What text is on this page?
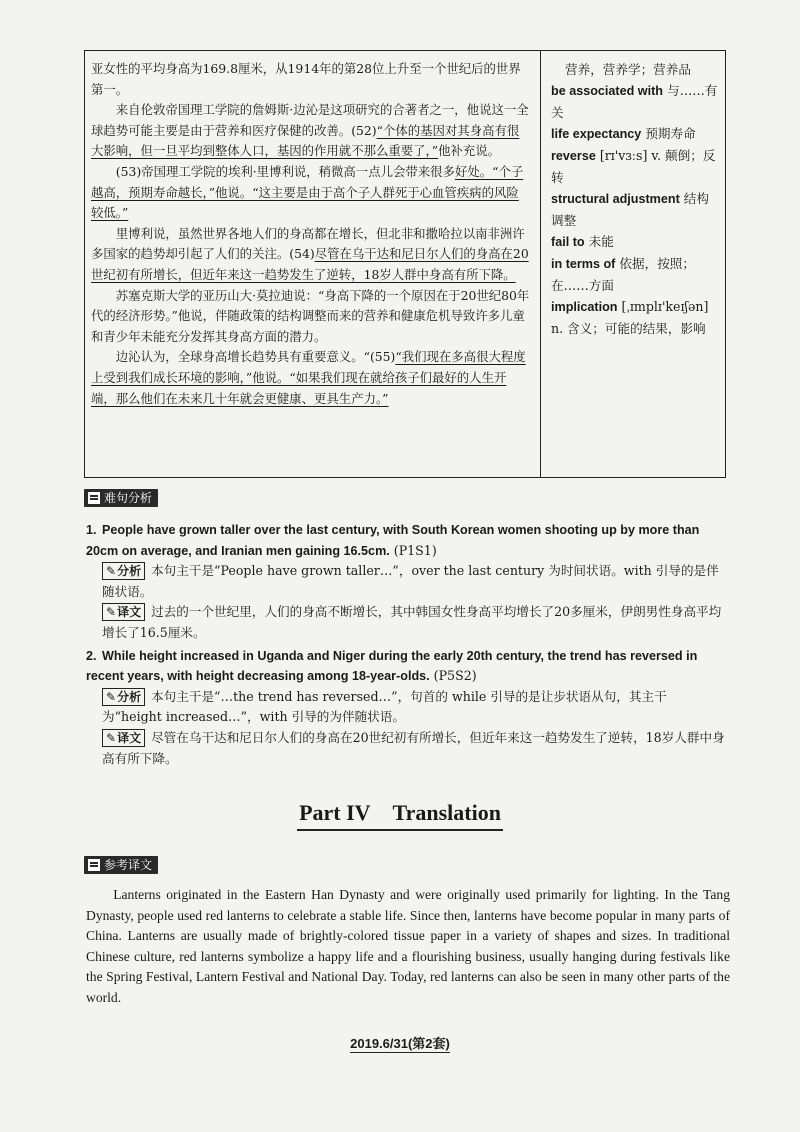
亚女性的平均身高为169.8厘米，从1914年的第28位上升至一个世纪后的世界第一。

来自伦敦帝国理工学院的詹姆斯·边沁是这项研究的合著者之一，他说这一全球趋势可能主要是由于营养和医疗保健的改善。(52)“个体的基因对其身高有很大影响，但一旦平均到整体人口，基因的作用就不那么重要了，”他补充说。

(53)帝国理工学院的埃利·里博利说，稍微高一点儿会带来很多好处。“个子越高，预期寿命越长，”他说。“这主要是由于高个子人群死于心血管疾病的风险较低。”

里博利说，虽然世界各地人们的身高都在增长，但北非和撒哈拉以南非洲许多国家的趋势却引起了人们的关注。(54)尽管在乌干达和尼日尔人们的身高在20世纪初有所增长，但近年来这一趋势发生了逆转，18岁人群中身高有所下降。

苏塞克斯大学的亚历山大·莫拉迪说：“身高下降的一个原因在于20世纪80年代的经济形势。”他说，伴随政策的结构调整而来的营养和健康危机导致许多儿童和青少年未能充分发挥其身高方面的潜力。

边沁认为，全球身高增长趋势具有重要意义。“(55)“我们现在多高很大程度上受到我们成长环境的影响，”他说。“如果我们现在就给孩子们最好的人生开端，那么他们在未来几十年就会更健康、更具生产力。”

营养，营养学；营养品
be associated with 与……有关
life expectancy 预期寿命
reverse [rɪ'vɜːs] v. 颠倒；反转
structural adjustment 结构调整
fail to 未能
in terms of 依据，按照；在……方面
implication [ˌɪmplɪ'keɪʃən] n. 含义；可能的结果，影响
难句分析
1. People have grown taller over the last century, with South Korean women shooting up by more than 20cm on average, and Iranian men gaining 16.5cm. (P1S1)
✎分析 本句主干是“People have grown taller…”，over the last century 为时间状语。with 引导的是伴随状语。
✎译文 过去的一个世纪里，人们的身高不断增长，其中韩国女性身高平均增长了20多厘米，伊朗男性身高平均增长了16.5厘米。
2. While height increased in Uganda and Niger during the early 20th century, the trend has reversed in recent years, with height decreasing among 18-year-olds. (P5S2)
✎分析 本句主干是“…the trend has reversed…”，句首的 while 引导的是让步状语从句，其主干为“height increased…”，with 引导的为伴随状语。
✎译文 尽管在乌干达和尼日尔人们的身高在20世纪初有所增长，但近年来这一趋势发生了逆转，18岁人群中身高有所下降。
Part IV Translation
参考译文

Lanterns originated in the Eastern Han Dynasty and were originally used primarily for lighting. In the Tang Dynasty, people used red lanterns to celebrate a stable life. Since then, lanterns have become popular in many parts of China. Lanterns are usually made of brightly-colored tissue paper in a variety of shapes and sizes. In traditional Chinese culture, red lanterns symbolize a happy life and a flourishing business, usually hanging during festivals like the Spring Festival, Lantern Festival and National Day. Today, red lanterns can also be seen in many other parts of the world.

2019.6/31(第2套)
